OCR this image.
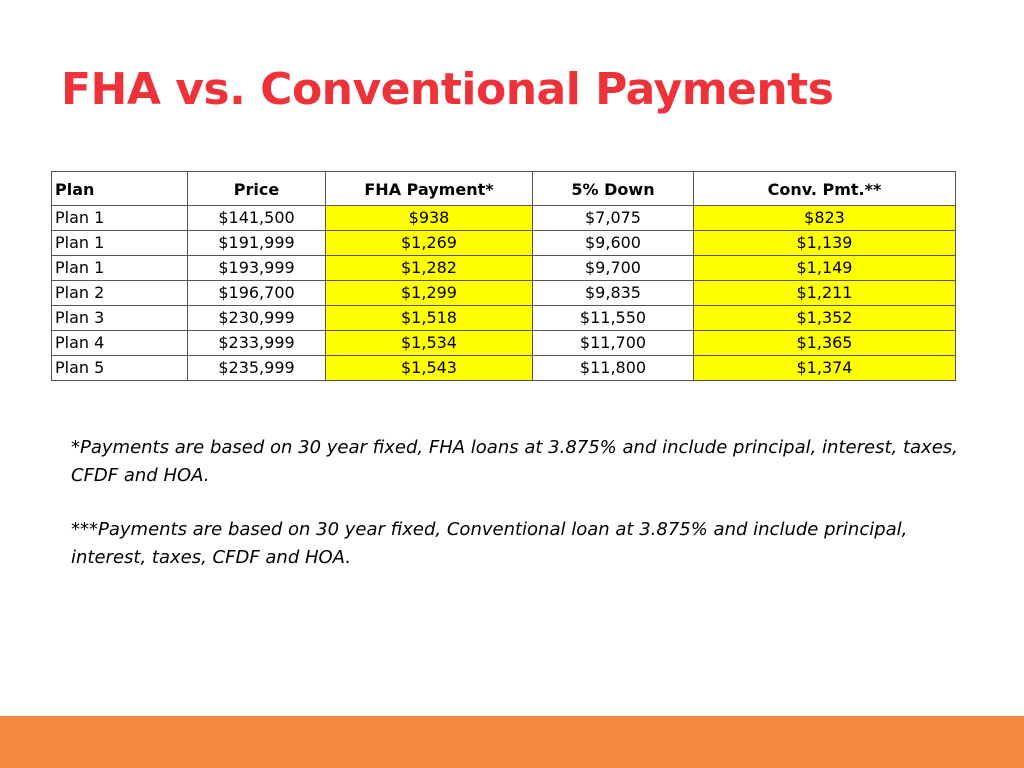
FHA vs. Conventional Payments
Plan	Price	FHA Payment*	5% Down	Conv. Pmt.**
Plan 1	$141,500	$938	$7,075	$823
Plan 1	$191,999	$1,269	$9,600	$1,139
Plan 1	$193,999	$1,282	$9,700	$1,149
Plan 2	$196,700	$1,299	$9,835	$1,211
Plan 3	$230,999	$1,518	$11,550	$1,352
Plan 4	$233,999	$1,534	$11,700	$1,365
Plan 5	$235,999	$1,543	$11,800	$1,374

*Payments are based on 30 year fixed, FHA loans at 3.875% and include principal, interest, taxes, CFDF and HOA.

***Payments are based on 30 year fixed, Conventional loan at 3.875% and include principal, interest, taxes, CFDF and HOA.
